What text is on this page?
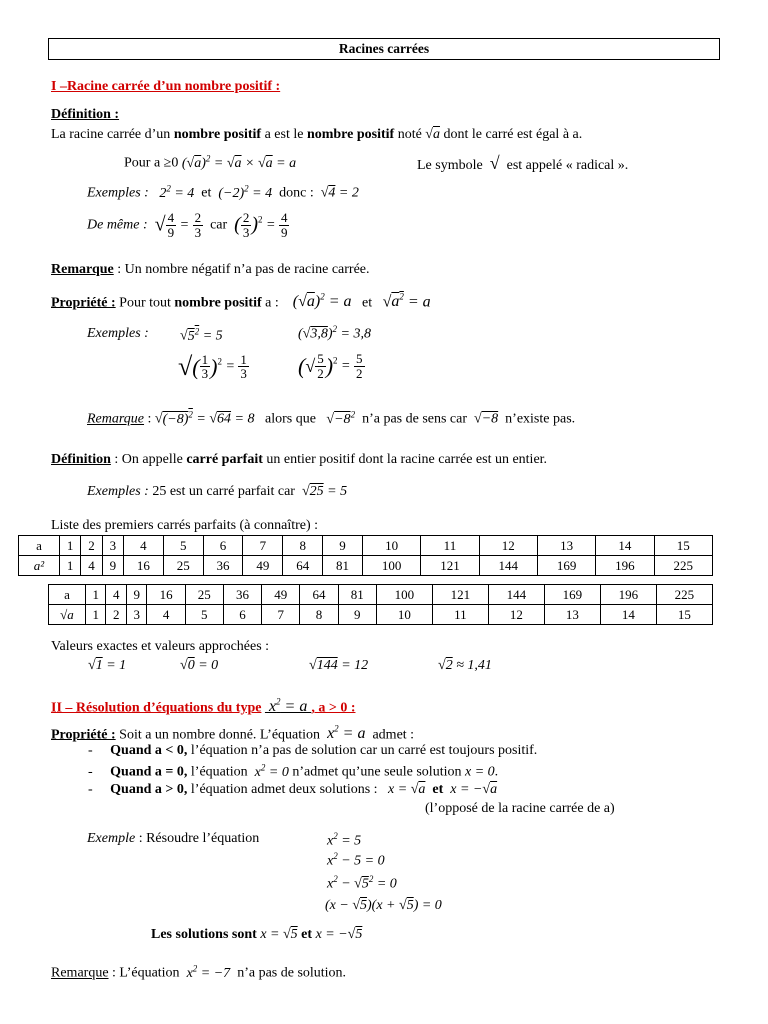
Racines carrées
I –Racine carrée d’un nombre positif :
Définition :
La racine carrée d’un nombre positif a est le nombre positif noté √a dont le carré est égal à a.
Pour a ≥0 $(√a)^2 = √a \times √a = a$	Le symbole √ est appelé « radical ».
Exemples : $2^2 = 4$ et $(-2)^2 = 4$ donc : √4 = 2
De même : √ $\frac{4}{9} = \frac{2}{3}$ car ( $\frac{2}{3} )^2 = \frac{4}{9}$
Remarque : Un nombre négatif n’a pas de racine carrée.
Propriété : Pour tout nombre positif a : $(√a)^2 = a$ et $√a^2 = a$
Exemples : $√5^2 = 5$	$(√3,8)^2 = 3,8$
√( $\frac{1}{3} )^2 = \frac{1}{3}$ (√ $\frac{5}{2} )^2 = \frac{5}{2}$
Remarque : $√(-8)^2 = √64 = 8$ alors que $√-8^2$ n’a pas de sens car √−8 n’existe pas.
Définition : On appelle carré parfait un entier positif dont la racine carrée est un entier.
Exemples : 25 est un carré parfait car √25 = 5
Liste des premiers carrés parfaits (à connaître) :
a	1	2	3	4	5	6	7	8	9	10	11	12	13	14	15
a²	1	4	9	16	25	36	49	64	81	100	121	144	169	196	225
a	1	4	9	16	25	36	49	64	81	100	121	144	169	196	225
√a	1	2	3	4	5	6	7	8	9	10	11	12	13	14	15
Valeurs exactes et valeurs approchées :
√1 = 1	√0 = 0	√144 = 12	√2 ≈ 1,41
II – Résolution d’équations du type  $x^2 = a$ , a > 0 :
Propriété : Soit a un nombre donné. L’équation $x^2 = a$ admet :
-     Quand a < 0, l’équation n’a pas de solution car un carré est toujours positif.
-     Quand a = 0, l’équation $x^2 = 0$ n’admet qu’une seule solution x = 0.
-     Quand a > 0, l’équation admet deux solutions : x = √a et x = −√a
(l’opposé de la racine carrée de a)
Exemple : Résoudre l’équation	$x^2 = 5$
$x^2 - 5 = 0$
$x^2 - √5^2 = 0$
(x − √5)(x + √5) = 0
Les solutions sont x = √5 et x = −√5
Remarque : L’équation $x^2 = -7$ n’a pas de solution.
